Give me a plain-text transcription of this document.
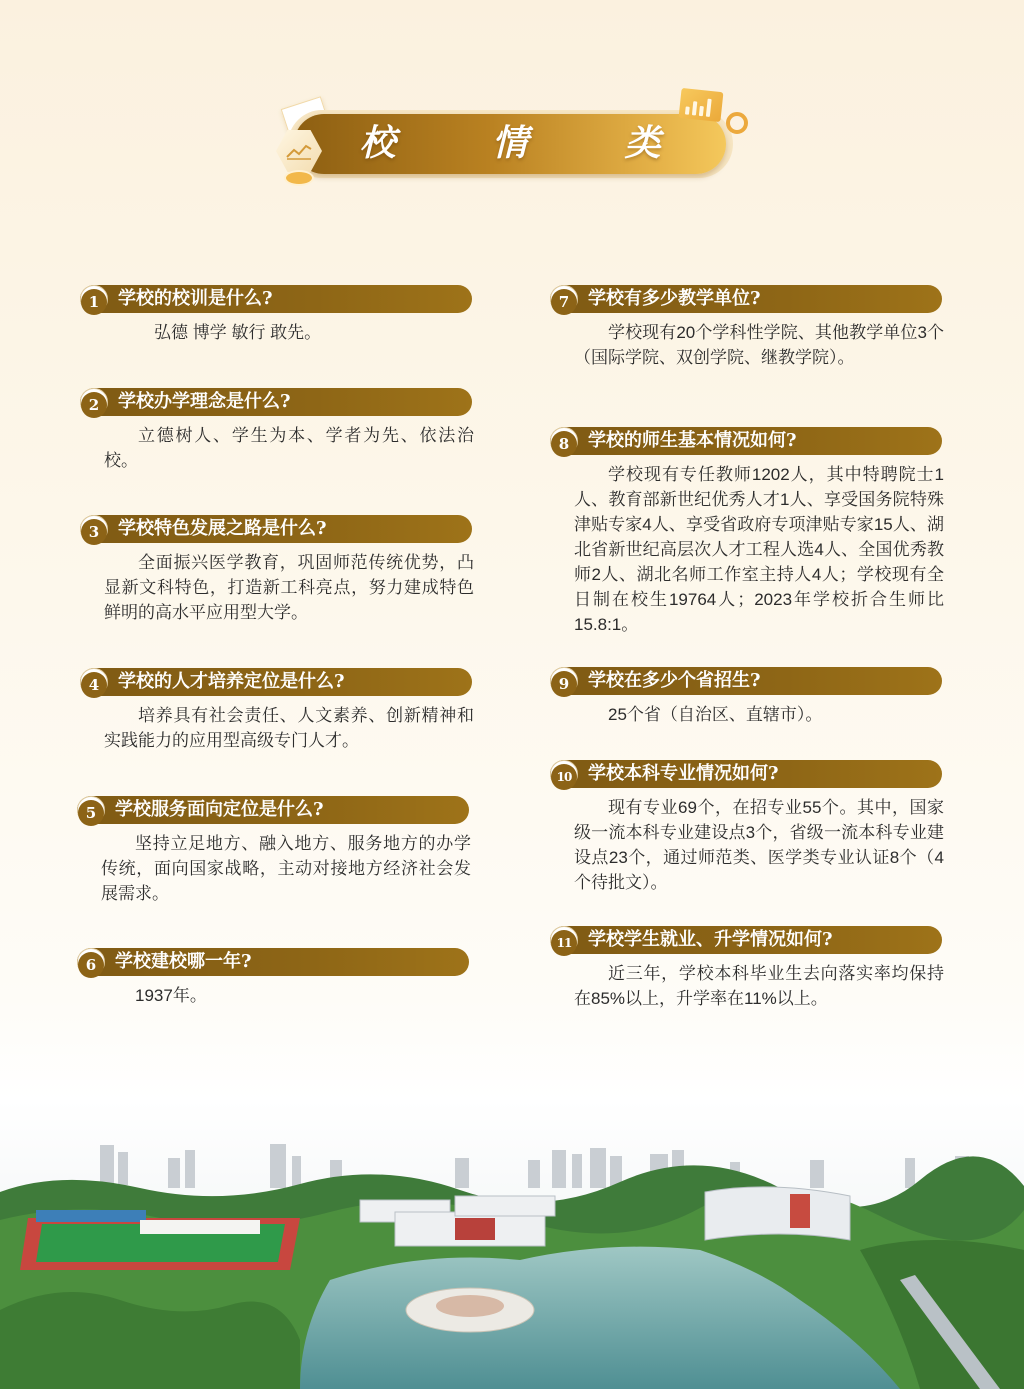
校 情 类
1	学校的校训是什么?
弘德 博学 敏行 敢先。
2	学校办学理念是什么?
立德树人、学生为本、学者为先、依法治校。
3	学校特色发展之路是什么?
全面振兴医学教育，巩固师范传统优势，凸显新文科特色，打造新工科亮点，努力建成特色鲜明的高水平应用型大学。
4	学校的人才培养定位是什么?
培养具有社会责任、人文素养、创新精神和实践能力的应用型高级专门人才。
5	学校服务面向定位是什么?
坚持立足地方、融入地方、服务地方的办学传统，面向国家战略，主动对接地方经济社会发展需求。
6	学校建校哪一年?
1937年。
7	学校有多少教学单位?
学校现有20个学科性学院、其他教学单位3个（国际学院、双创学院、继教学院）。
8	学校的师生基本情况如何?
学校现有专任教师1202人，其中特聘院士1人、教育部新世纪优秀人才1人、享受国务院特殊津贴专家4人、享受省政府专项津贴专家15人、湖北省新世纪高层次人才工程人选4人、全国优秀教师2人、湖北名师工作室主持人4人；学校现有全日制在校生19764人；2023年学校折合生师比15.8:1。
9	学校在多少个省招生?
25个省（自治区、直辖市）。
10 学校本科专业情况如何?
现有专业69个，在招专业55个。其中，国家级一流本科专业建设点3个，省级一流本科专业建设点23个，通过师范类、医学类专业认证8个（4个待批文）。
11 学校学生就业、升学情况如何?
近三年，学校本科毕业生去向落实率均保持在85%以上，升学率在11%以上。
